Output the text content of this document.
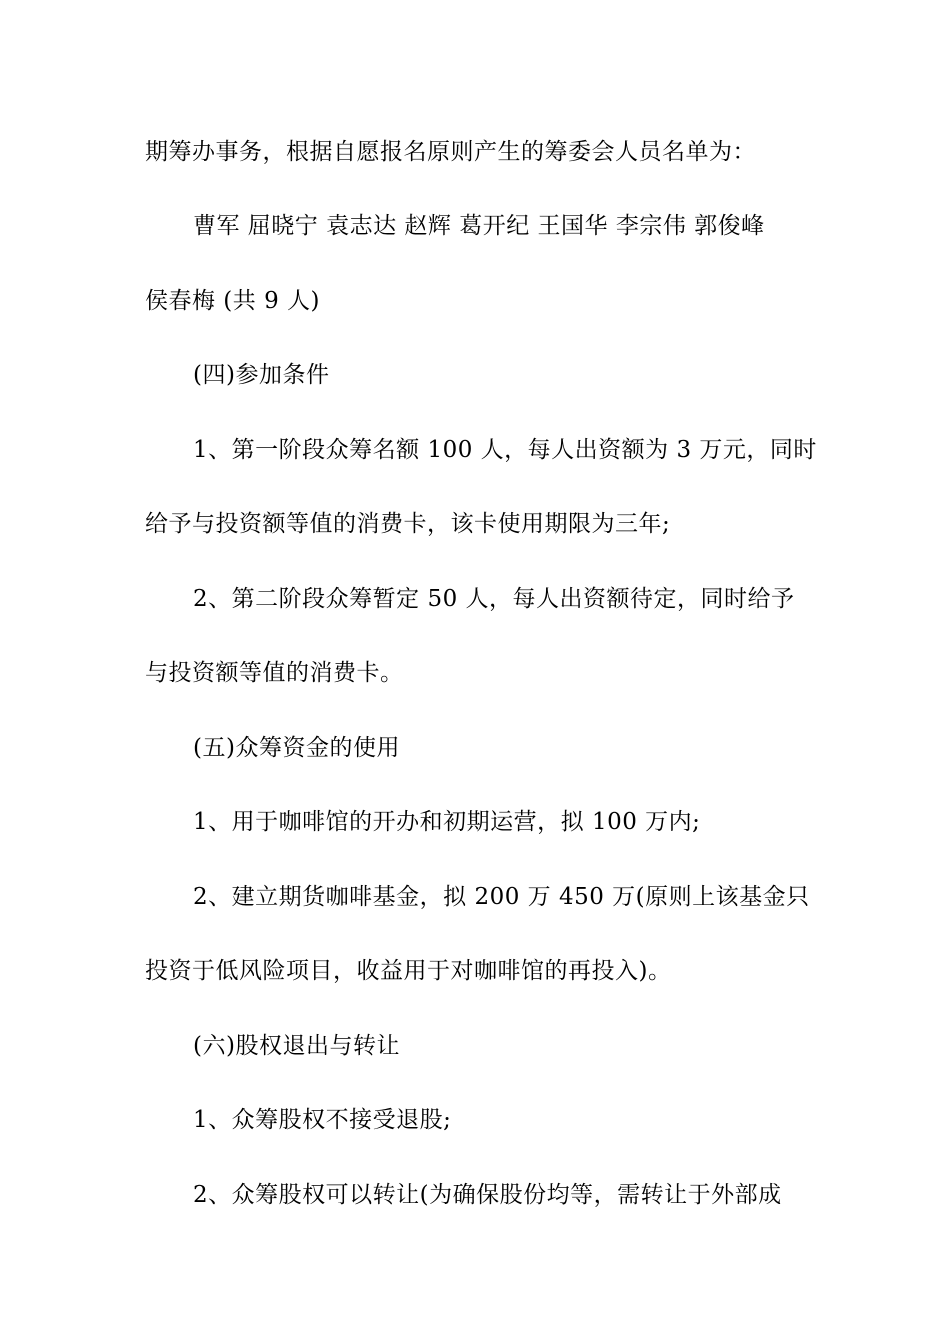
期筹办事务，根据自愿报名原则产生的筹委会人员名单为：
曹军 屈晓宁 袁志达 赵辉 葛开纪 王国华 李宗伟 郭俊峰
侯春梅 (共 9 人)
(四)参加条件
1、第一阶段众筹名额 100 人，每人出资额为 3 万元，同时
给予与投资额等值的消费卡，该卡使用期限为三年;
2、第二阶段众筹暂定 50 人，每人出资额待定，同时给予
与投资额等值的消费卡。
(五)众筹资金的使用
1、用于咖啡馆的开办和初期运营，拟 100 万内;
2、建立期货咖啡基金，拟 200 万 450 万(原则上该基金只
投资于低风险项目，收益用于对咖啡馆的再投入)。
(六)股权退出与转让
1、众筹股权不接受退股;
2、众筹股权可以转让(为确保股份均等，需转让于外部成
